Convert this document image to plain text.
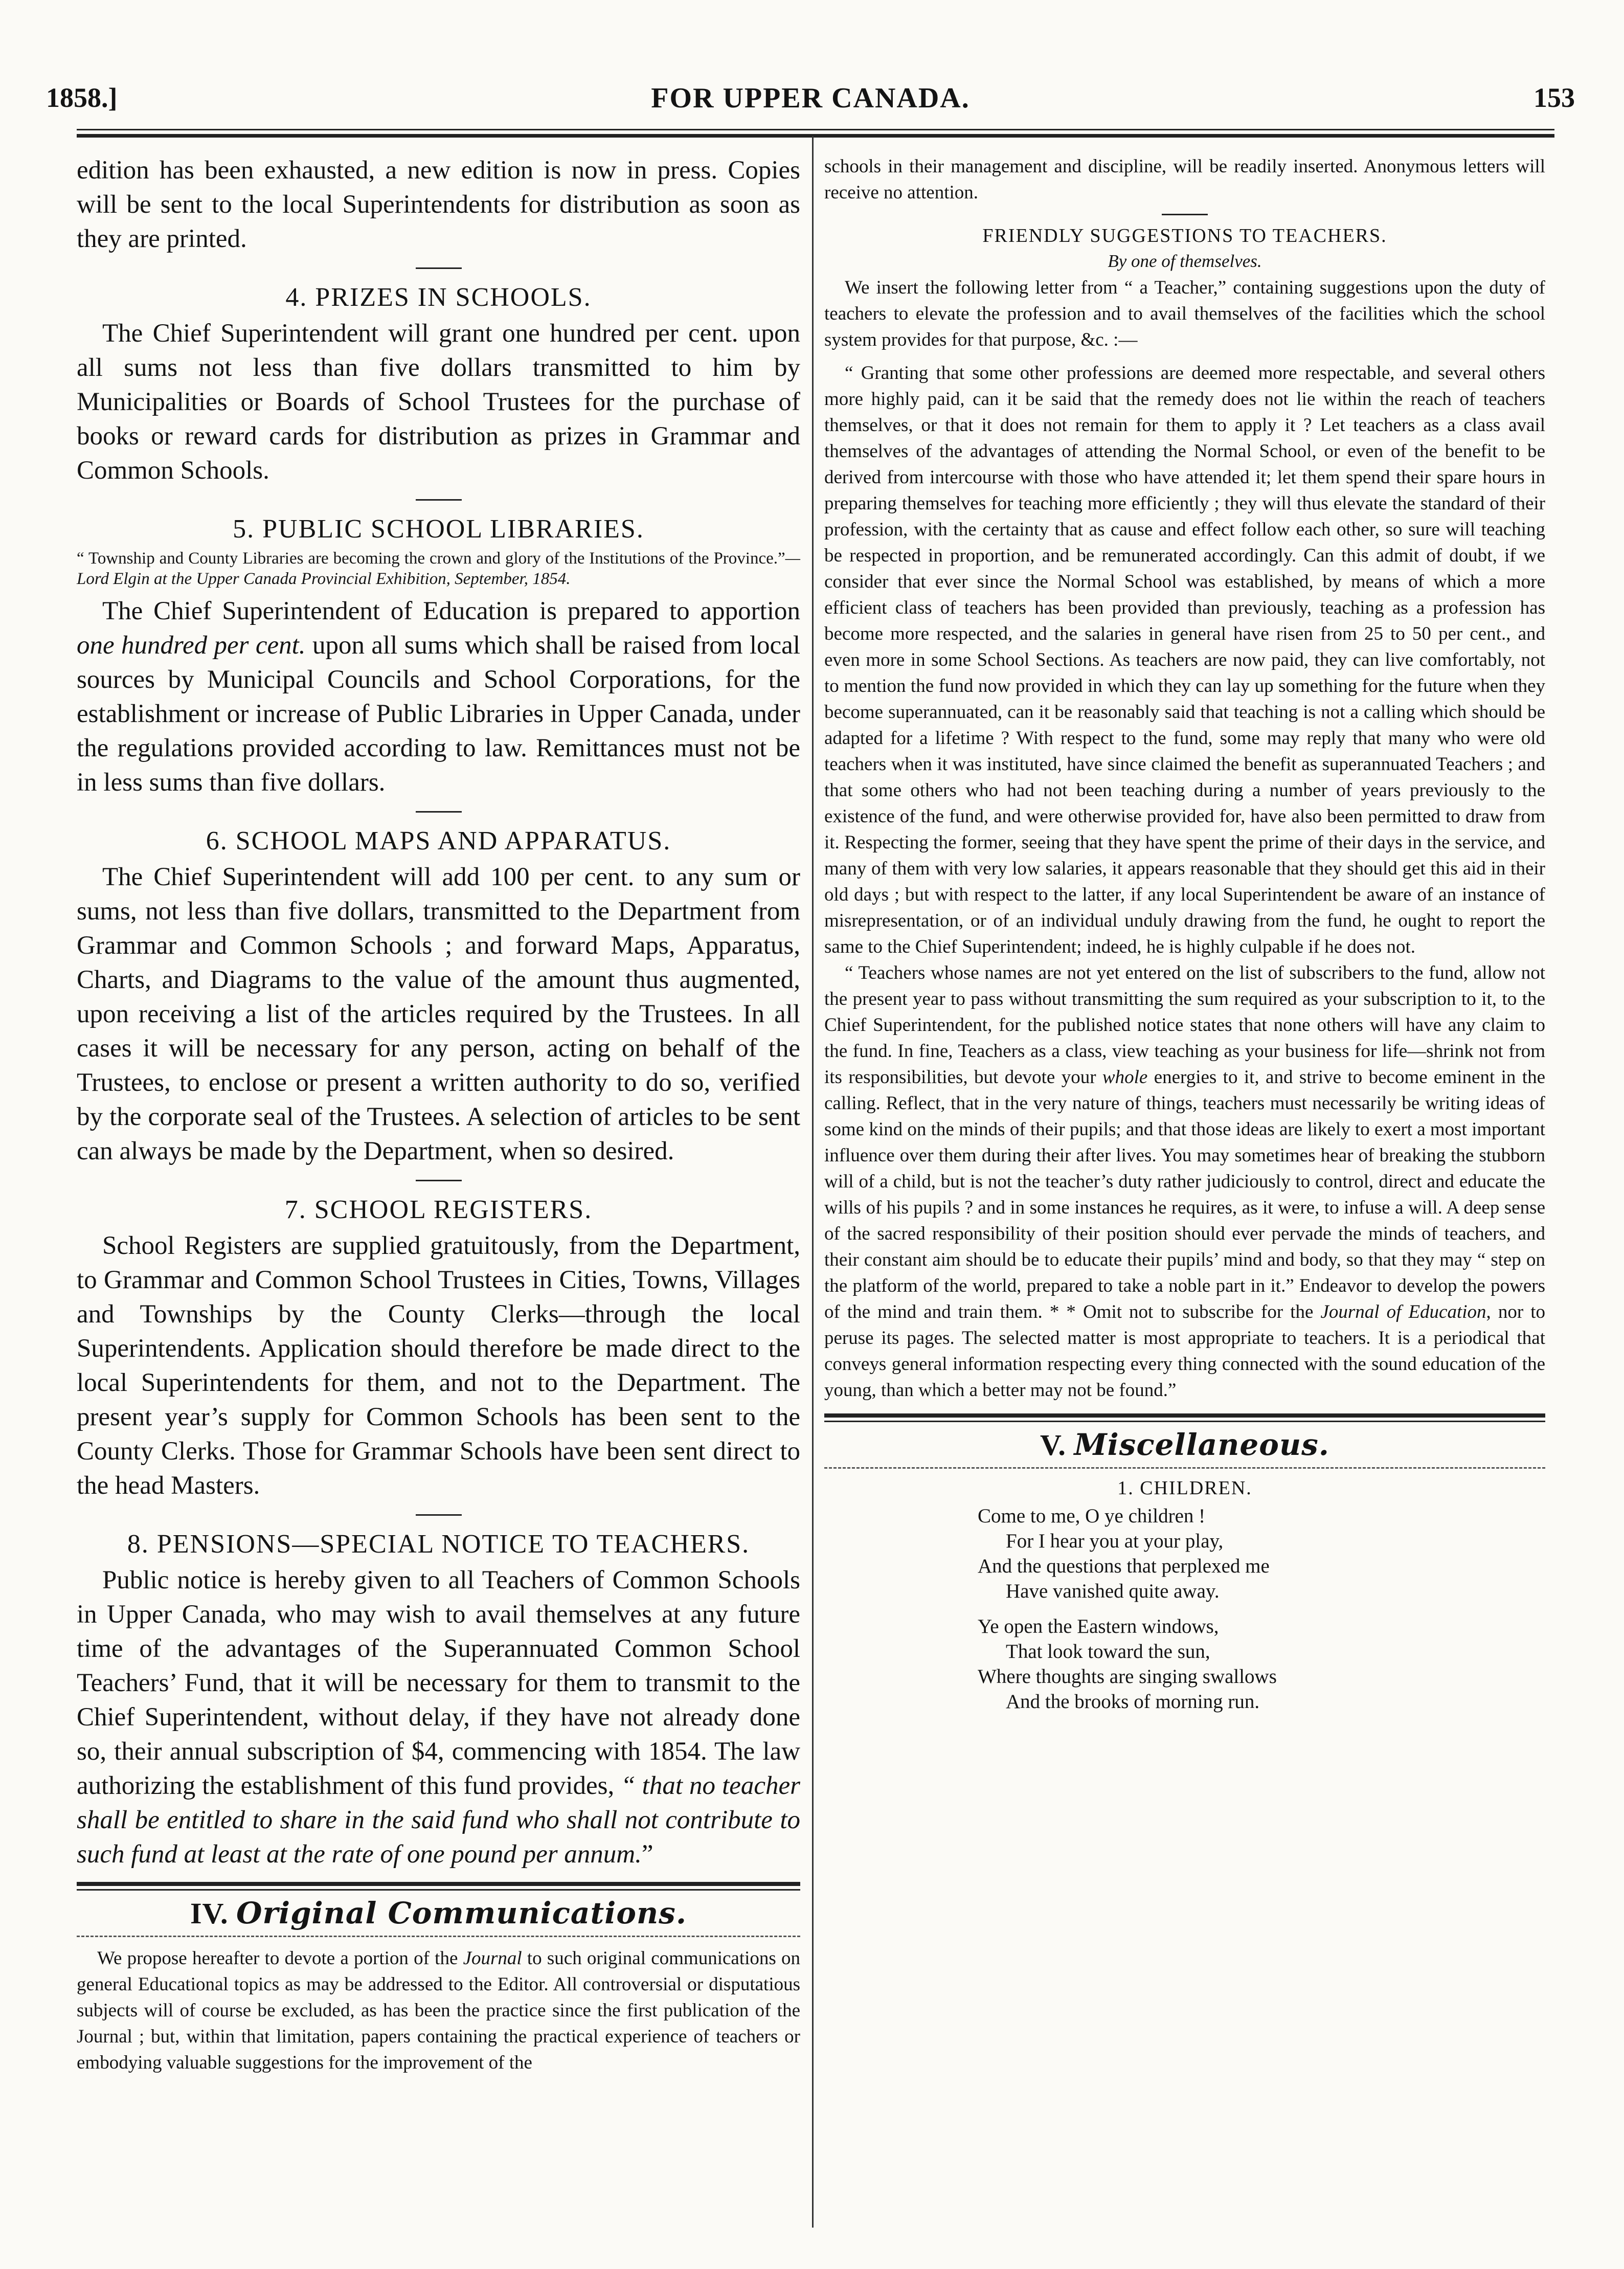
1858.]	FOR UPPER CANADA.	153

edition has been exhausted, a new edition is now in press. Copies will be sent to the local Superintendents for distribution as soon as they are printed.

4. PRIZES IN SCHOOLS.

The Chief Superintendent will grant one hundred per cent. upon all sums not less than five dollars transmitted to him by Municipalities or Boards of School Trustees for the purchase of books or reward cards for distribution as prizes in Grammar and Common Schools.

5. PUBLIC SCHOOL LIBRARIES.
“ Township and County Libraries are becoming the crown and glory of the Institutions of the Province.”—Lord Elgin at the Upper Canada Provincial Exhibition, September, 1854.

The Chief Superintendent of Education is prepared to apportion one hundred per cent. upon all sums which shall be raised from local sources by Municipal Councils and School Corporations, for the establishment or increase of Public Libraries in Upper Canada, under the regulations provided according to law. Remittances must not be in less sums than five dollars.

6. SCHOOL MAPS AND APPARATUS.

The Chief Superintendent will add 100 per cent. to any sum or sums, not less than five dollars, transmitted to the Department from Grammar and Common Schools ; and forward Maps, Apparatus, Charts, and Diagrams to the value of the amount thus augmented, upon receiving a list of the articles required by the Trustees. In all cases it will be necessary for any person, acting on behalf of the Trustees, to enclose or present a written authority to do so, verified by the corporate seal of the Trustees. A selection of articles to be sent can always be made by the Department, when so desired.

7. SCHOOL REGISTERS.

School Registers are supplied gratuitously, from the Department, to Grammar and Common School Trustees in Cities, Towns, Villages and Townships by the County Clerks—through the local Superintendents. Application should therefore be made direct to the local Superintendents for them, and not to the Department. The present year’s supply for Common Schools has been sent to the County Clerks. Those for Grammar Schools have been sent direct to the head Masters.

8. PENSIONS—SPECIAL NOTICE TO TEACHERS.

Public notice is hereby given to all Teachers of Common Schools in Upper Canada, who may wish to avail themselves at any future time of the advantages of the Superannuated Common School Teachers’ Fund, that it will be necessary for them to transmit to the Chief Superintendent, without delay, if they have not already done so, their annual subscription of $4, commencing with 1854. The law authorizing the establishment of this fund provides, “ that no teacher shall be entitled to share in the said fund who shall not contribute to such fund at least at the rate of one pound per annum.”

IV. Original Communications.

We propose hereafter to devote a portion of the Journal to such original communications on general Educational topics as may be addressed to the Editor. All controversial or disputatious subjects will of course be excluded, as has been the practice since the first publication of the Journal ; but, within that limitation, papers containing the practical experience of teachers or embodying valuable suggestions for the improvement of the

schools in their management and discipline, will be readily inserted. Anonymous letters will receive no attention.

FRIENDLY SUGGESTIONS TO TEACHERS.
By one of themselves.

We insert the following letter from “ a Teacher,” containing suggestions upon the duty of teachers to elevate the profession and to avail themselves of the facilities which the school system provides for that purpose, &c. :—

“ Granting that some other professions are deemed more respectable, and several others more highly paid, can it be said that the remedy does not lie within the reach of teachers themselves, or that it does not remain for them to apply it ? Let teachers as a class avail themselves of the advantages of attending the Normal School, or even of the benefit to be derived from intercourse with those who have attended it; let them spend their spare hours in preparing themselves for teaching more efficiently ; they will thus elevate the standard of their profession, with the certainty that as cause and effect follow each other, so sure will teaching be respected in proportion, and be remunerated accordingly. Can this admit of doubt, if we consider that ever since the Normal School was established, by means of which a more efficient class of teachers has been provided than previously, teaching as a profession has become more respected, and the salaries in general have risen from 25 to 50 per cent., and even more in some School Sections. As teachers are now paid, they can live comfortably, not to mention the fund now provided in which they can lay up something for the future when they become superannuated, can it be reasonably said that teaching is not a calling which should be adapted for a lifetime ? With respect to the fund, some may reply that many who were old teachers when it was instituted, have since claimed the benefit as superannuated Teachers ; and that some others who had not been teaching during a number of years previously to the existence of the fund, and were otherwise provided for, have also been permitted to draw from it. Respecting the former, seeing that they have spent the prime of their days in the service, and many of them with very low salaries, it appears reasonable that they should get this aid in their old days ; but with respect to the latter, if any local Superintendent be aware of an instance of misrepresentation, or of an individual unduly drawing from the fund, he ought to report the same to the Chief Superintendent; indeed, he is highly culpable if he does not.

“ Teachers whose names are not yet entered on the list of subscribers to the fund, allow not the present year to pass without transmitting the sum required as your subscription to it, to the Chief Superintendent, for the published notice states that none others will have any claim to the fund. In fine, Teachers as a class, view teaching as your business for life—shrink not from its responsibilities, but devote your whole energies to it, and strive to become eminent in the calling. Reflect, that in the very nature of things, teachers must necessarily be writing ideas of some kind on the minds of their pupils; and that those ideas are likely to exert a most important influence over them during their after lives. You may sometimes hear of breaking the stubborn will of a child, but is not the teacher’s duty rather judiciously to control, direct and educate the wills of his pupils ? and in some instances he requires, as it were, to infuse a will. A deep sense of the sacred responsibility of their position should ever pervade the minds of teachers, and their constant aim should be to educate their pupils’ mind and body, so that they may “ step on the platform of the world, prepared to take a noble part in it.” Endeavor to develop the powers of the mind and train them. * * Omit not to subscribe for the Journal of Education, nor to peruse its pages. The selected matter is most appropriate to teachers. It is a periodical that conveys general information respecting every thing connected with the sound education of the young, than which a better may not be found.”

V. Miscellaneous.
1. CHILDREN.
Come to me, O ye children !
For I hear you at your play,
And the questions that perplexed me
Have vanished quite away.
Ye open the Eastern windows,
That look toward the sun,
Where thoughts are singing swallows
And the brooks of morning run.
